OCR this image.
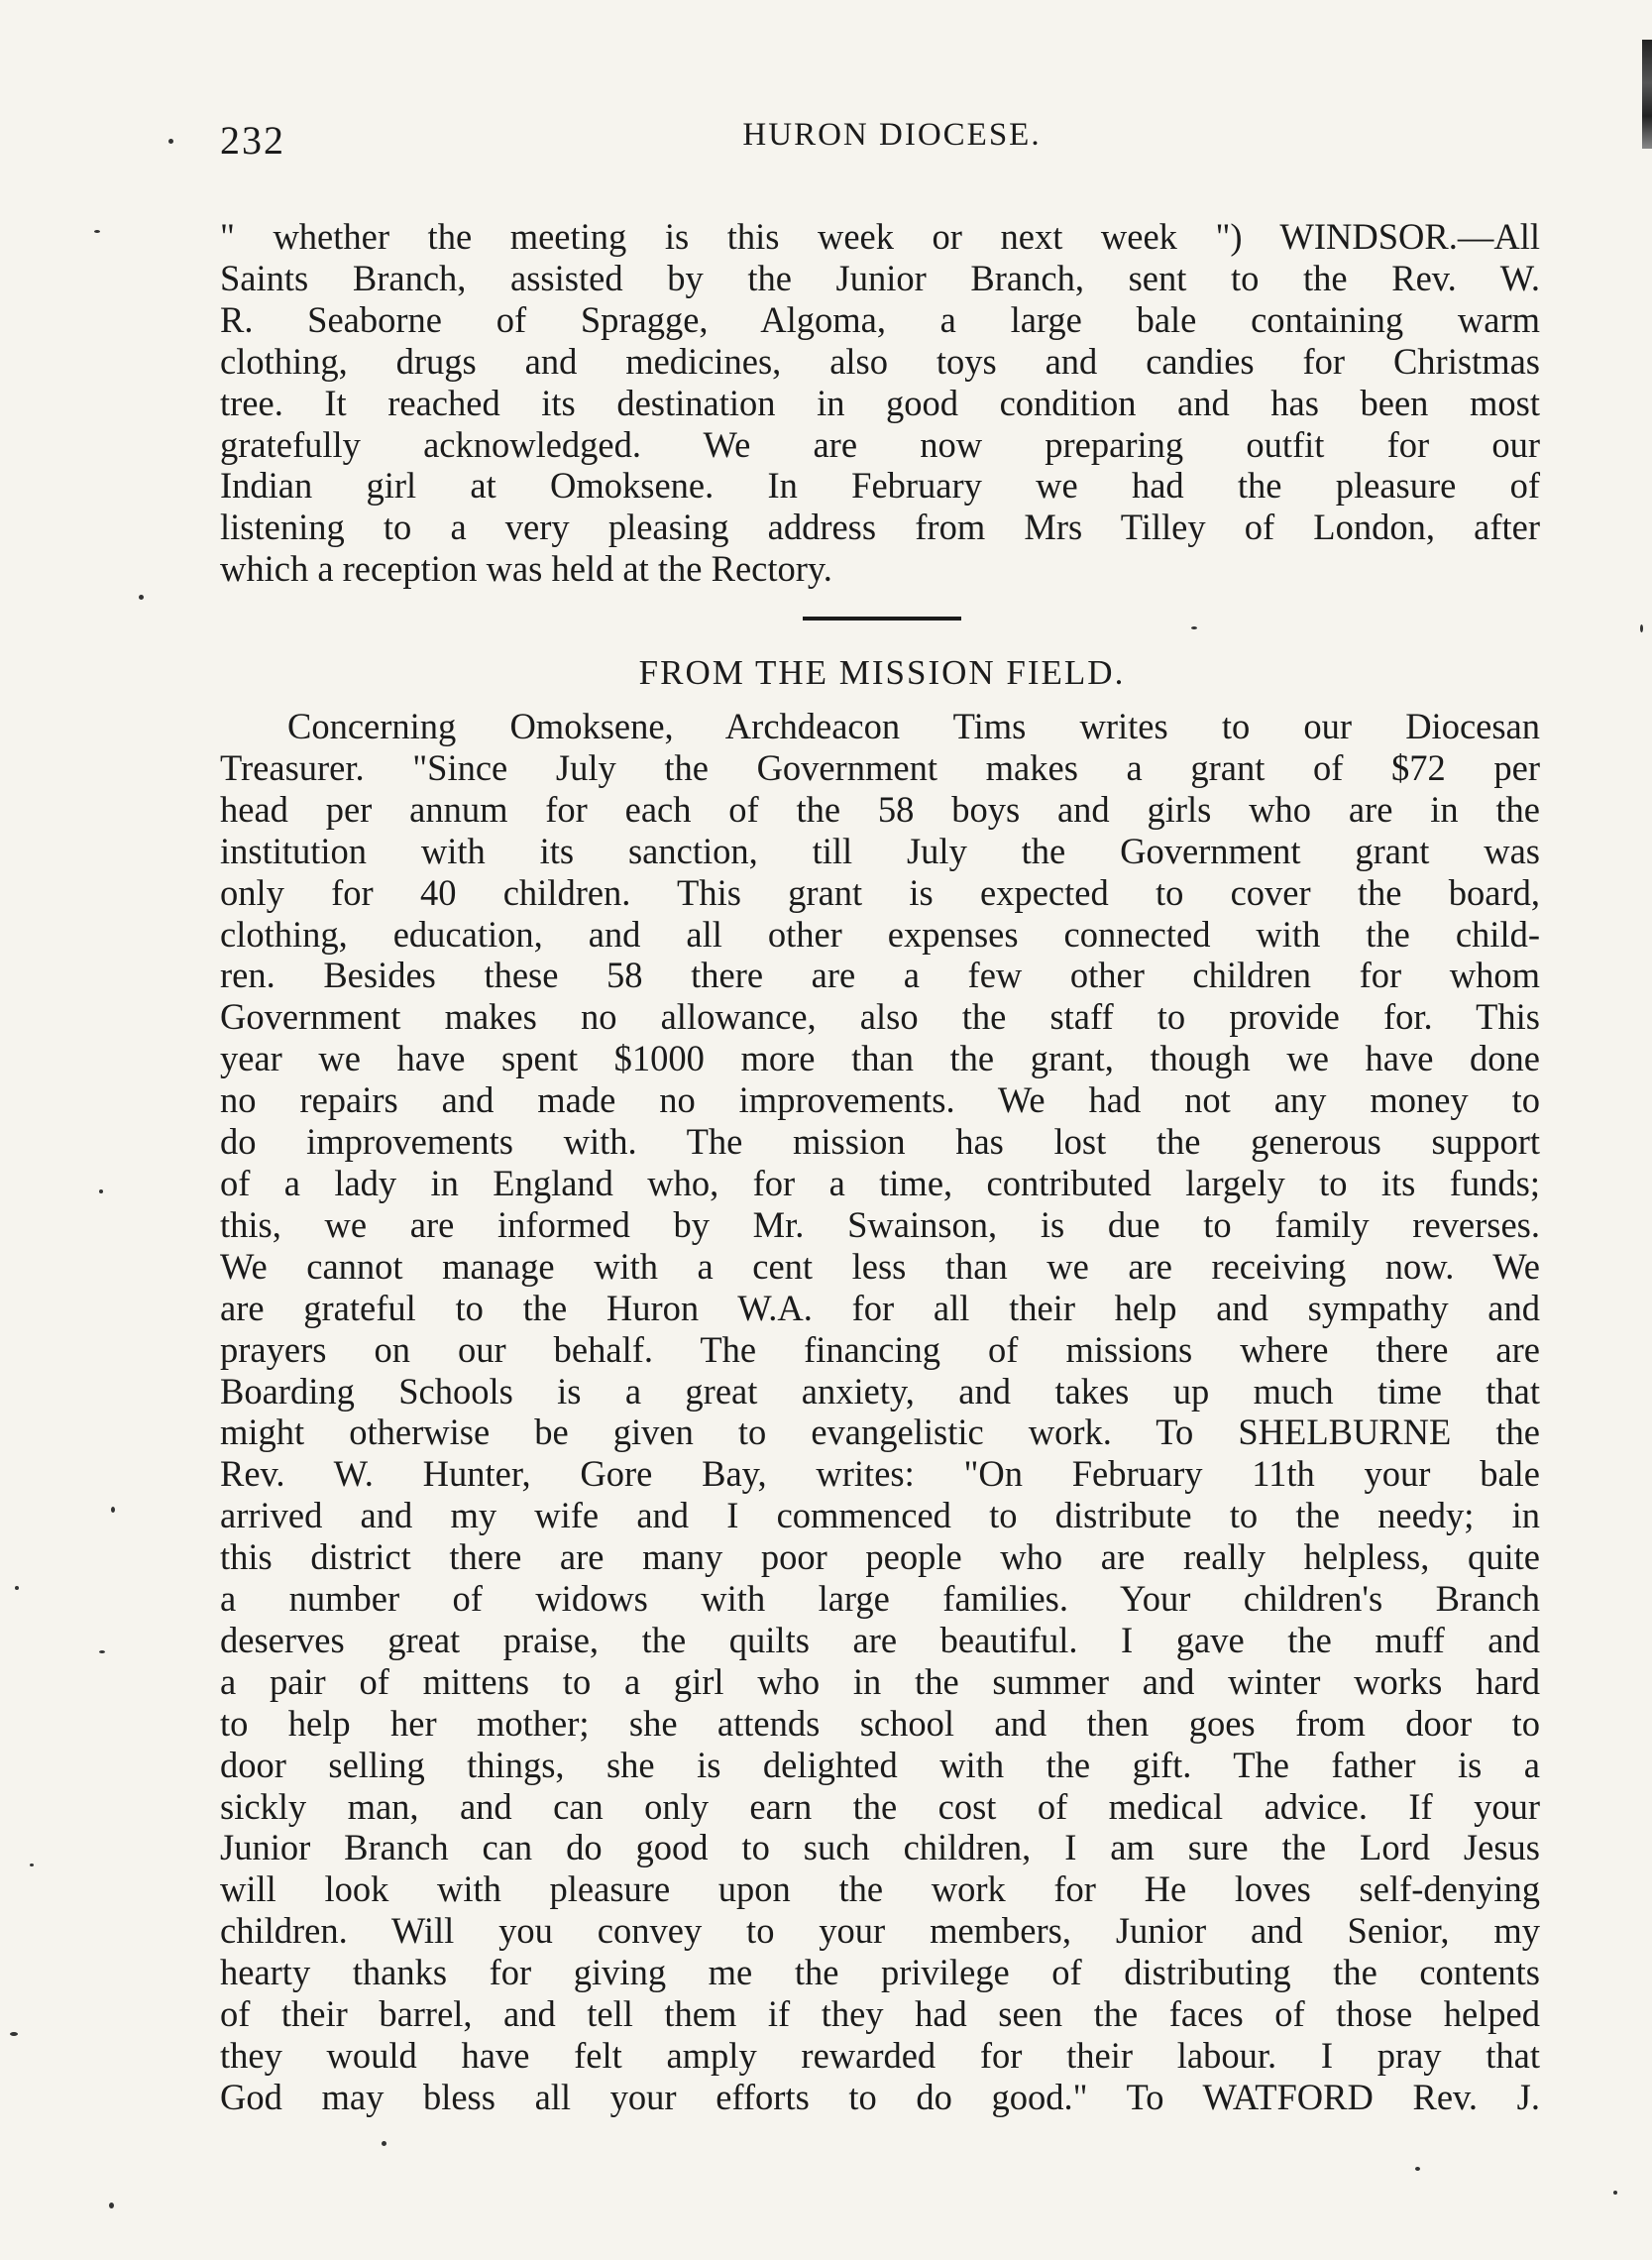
232	HURON DIOCESE.
" whether the meeting is this week or next week ") WINDSOR.—All
Saints Branch, assisted by the Junior Branch, sent to the Rev. W.
R. Seaborne of Spragge, Algoma, a large bale containing warm
clothing, drugs and medicines, also toys and candies for Christmas
tree. It reached its destination in good condition and has been most
gratefully acknowledged. We are now preparing outfit for our
Indian girl at Omoksene. In February we had the pleasure of
listening to a very pleasing address from Mrs Tilley of London, after
which a reception was held at the Rectory.
FROM THE MISSION FIELD.
Concerning Omoksene, Archdeacon Tims writes to our Diocesan
Treasurer. "Since July the Government makes a grant of $72 per
head per annum for each of the 58 boys and girls who are in the
institution with its sanction, till July the Government grant was
only for 40 children. This grant is expected to cover the board,
clothing, education, and all other expenses connected with the child-
ren. Besides these 58 there are a few other children for whom
Government makes no allowance, also the staff to provide for. This
year we have spent $1000 more than the grant, though we have done
no repairs and made no improvements. We had not any money to
do improvements with. The mission has lost the generous support
of a lady in England who, for a time, contributed largely to its funds;
this, we are informed by Mr. Swainson, is due to family reverses.
We cannot manage with a cent less than we are receiving now. We
are grateful to the Huron W.A. for all their help and sympathy and
prayers on our behalf. The financing of missions where there are
Boarding Schools is a great anxiety, and takes up much time that
might otherwise be given to evangelistic work. To SHELBURNE the
Rev. W. Hunter, Gore Bay, writes: "On February 11th your bale
arrived and my wife and I commenced to distribute to the needy; in
this district there are many poor people who are really helpless, quite
a number of widows with large families. Your children's Branch
deserves great praise, the quilts are beautiful. I gave the muff and
a pair of mittens to a girl who in the summer and winter works hard
to help her mother; she attends school and then goes from door to
door selling things, she is delighted with the gift. The father is a
sickly man, and can only earn the cost of medical advice. If your
Junior Branch can do good to such children, I am sure the Lord Jesus
will look with pleasure upon the work for He loves self-denying
children. Will you convey to your members, Junior and Senior, my
hearty thanks for giving me the privilege of distributing the contents
of their barrel, and tell them if they had seen the faces of those helped
they would have felt amply rewarded for their labour. I pray that
God may bless all your efforts to do good." To WATFORD Rev. J.
